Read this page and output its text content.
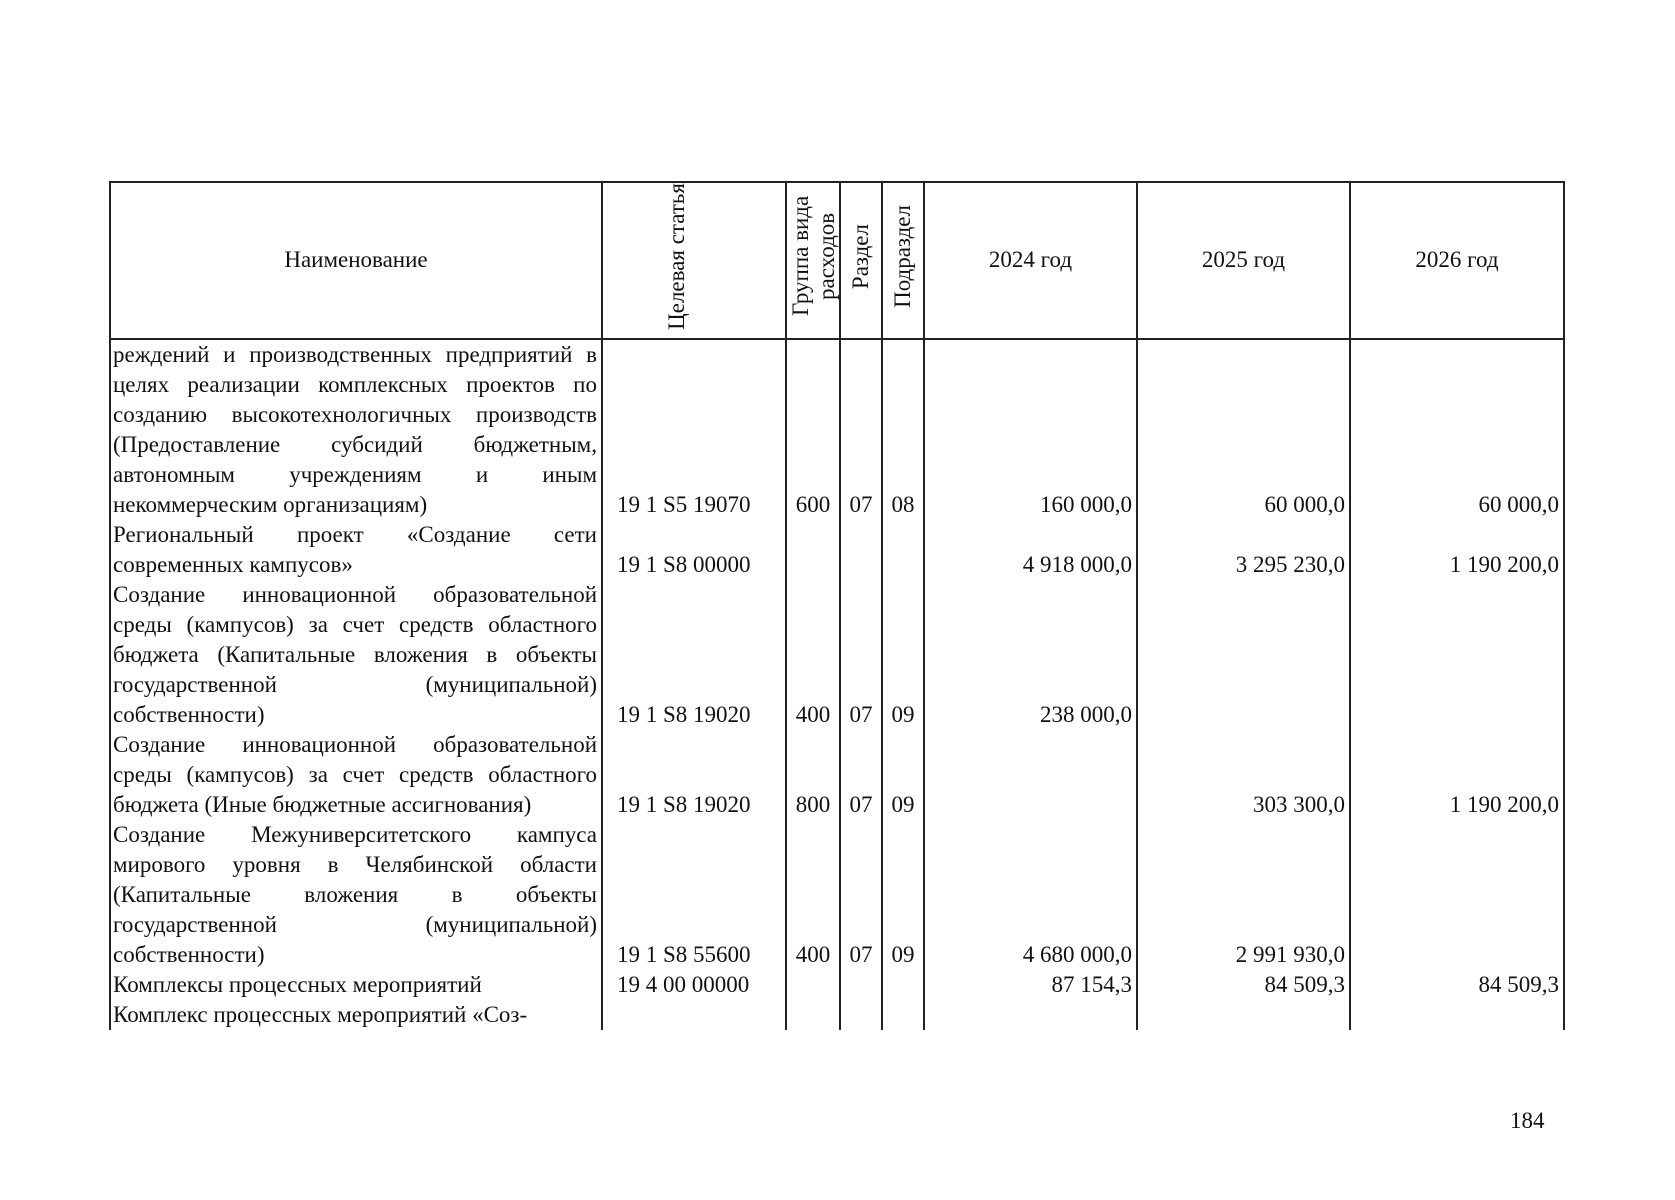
Наименование	Целевая статья	Группа вида расходов	Раздел	Подраздел	2024 год	2025 год	2026 год
реждений и производственных предприятий в целях реализации комплексных проектов по созданию высокотехнологичных производств (Предоставление субсидий бюджетным, автономным учреждениям и иным некоммерческим организациям)	19 1 S5 19070	600	07	08	160 000,0	60 000,0	60 000,0
Региональный проект «Создание сети современных кампусов»	19 1 S8 00000				4 918 000,0	3 295 230,0	1 190 200,0
Создание инновационной образовательной среды (кампусов) за счет средств областного бюджета (Капитальные вложения в объекты государственной (муниципальной) собственности)	19 1 S8 19020	400	07	09	238 000,0		
Создание инновационной образовательной среды (кампусов) за счет средств областного бюджета (Иные бюджетные ассигнования)	19 1 S8 19020	800	07	09		303 300,0	1 190 200,0
Создание Межуниверситетского кампуса мирового уровня в Челябинской области (Капитальные вложения в объекты государственной (муниципальной) собственности)	19 1 S8 55600	400	07	09	4 680 000,0	2 991 930,0	
Комплексы процессных мероприятий	19 4 00 00000				87 154,3	84 509,3	84 509,3
Комплекс процессных мероприятий «Соз-							
184
